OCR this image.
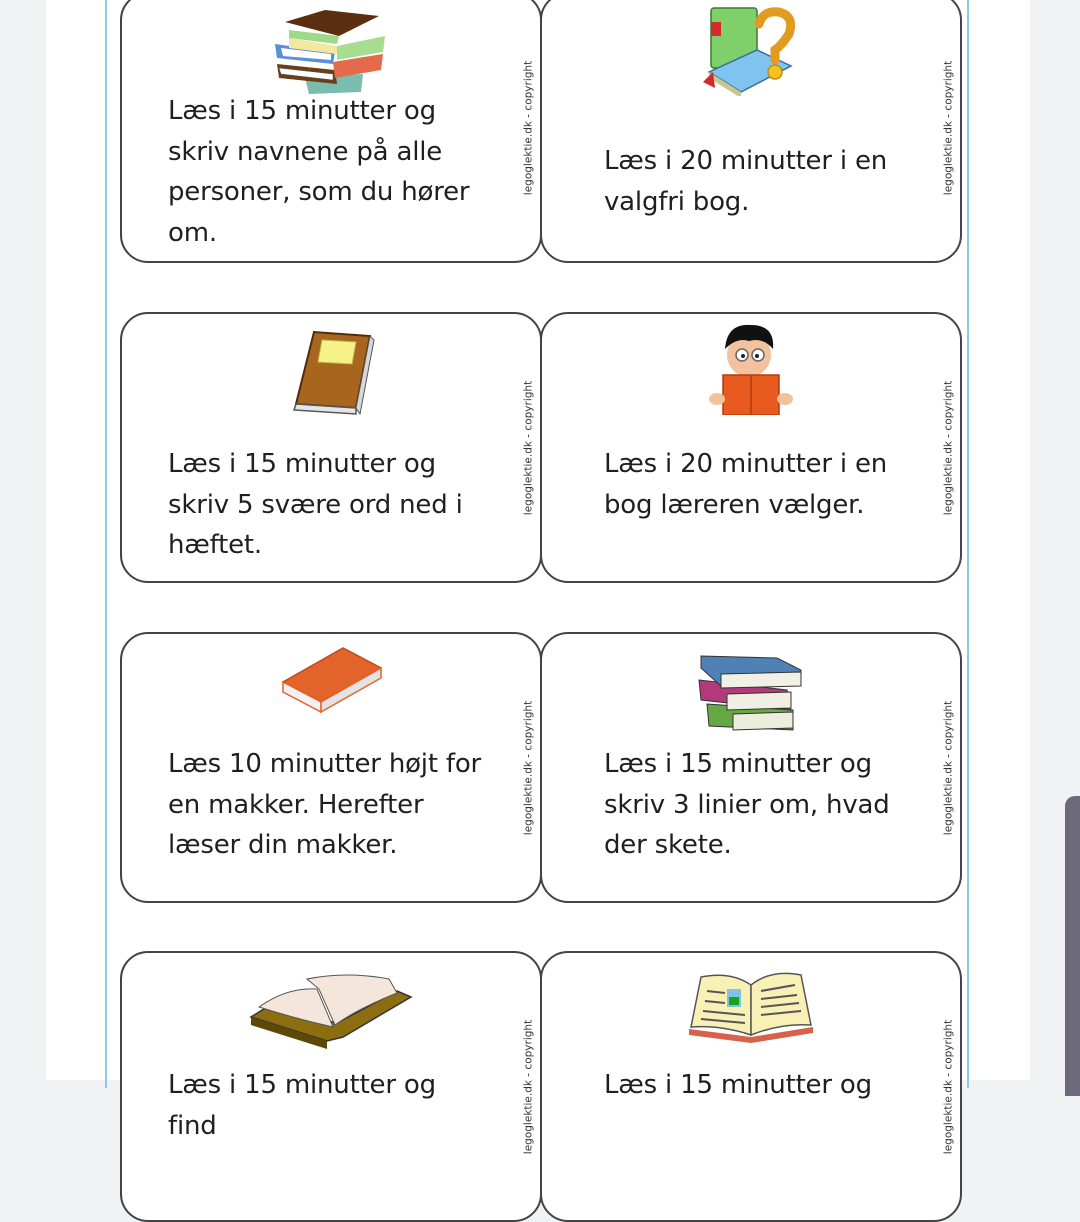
Læs i 15 minutter og skriv navnene på alle personer, som du hører om.
legoglektie.dk - copyright	Læs i 20 minutter i en valgfri bog.
legoglektie.dk - copyright
Læs i 15 minutter og skriv 5 svære ord ned i hæftet.
legoglektie.dk - copyright	Læs i 20 minutter i en bog læreren vælger.	legoglektie.dk - copyright
Læs 10 minutter højt for en makker. Herefter læser din makker.
legoglektie.dk - copyright	Læs i 15 minutter og skriv 3 linier om, hvad der skete.
legoglektie.dk - copyright
Læs i 15 minutter og find	legoglektie.dk - copyright	Læs i 15 minutter og	legoglektie.dk - copyright
